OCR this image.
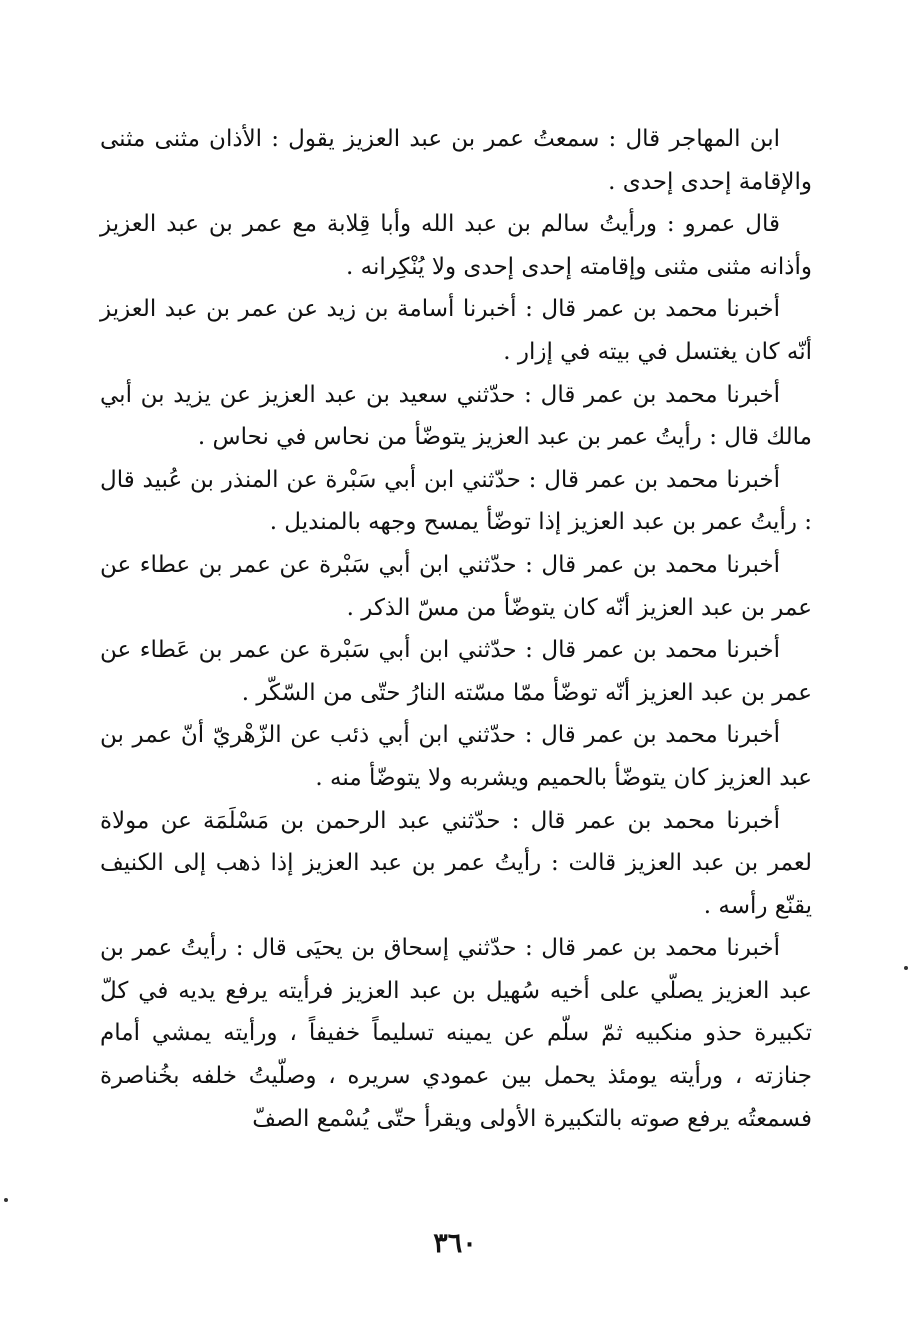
ابن المهاجر قال : سمعتُ عمر بن عبد العزيز يقول : الأذان مثنى مثنى والإقامة إحدى إحدى .

قال عمرو : ورأيتُ سالم بن عبد الله وأبا قِلابة مع عمر بن عبد العزيز وأذانه مثنى مثنى وإقامته إحدى إحدى ولا يُنْكِرانه .

أخبرنا محمد بن عمر قال : أخبرنا أسامة بن زيد عن عمر بن عبد العزيز أنّه كان يغتسل في بيته في إزار .

أخبرنا محمد بن عمر قال : حدّثني سعيد بن عبد العزيز عن يزيد بن أبي مالك قال : رأيتُ عمر بن عبد العزيز يتوضّأ من نحاس في نحاس .

أخبرنا محمد بن عمر قال : حدّثني ابن أبي سَبْرة عن المنذر بن عُبيد قال : رأيتُ عمر بن عبد العزيز إذا توضّأ يمسح وجهه بالمنديل .

أخبرنا محمد بن عمر قال : حدّثني ابن أبي سَبْرة عن عمر بن عطاء عن عمر بن عبد العزيز أنّه كان يتوضّأ من مسّ الذكر .

أخبرنا محمد بن عمر قال : حدّثني ابن أبي سَبْرة عن عمر بن عَطاء عن عمر بن عبد العزيز أنّه توضّأ ممّا مسّته النارُ حتّى من السّكّر .

أخبرنا محمد بن عمر قال : حدّثني ابن أبي ذئب عن الزّهْريّ أنّ عمر بن عبد العزيز كان يتوضّأ بالحميم ويشربه ولا يتوضّأ منه .

أخبرنا محمد بن عمر قال : حدّثني عبد الرحمن بن مَسْلَمَة عن مولاة لعمر بن عبد العزيز قالت : رأيتُ عمر بن عبد العزيز إذا ذهب إلى الكنيف يقنّع رأسه .

أخبرنا محمد بن عمر قال : حدّثني إسحاق بن يحيَى قال : رأيتُ عمر بن عبد العزيز يصلّي على أخيه سُهيل بن عبد العزيز فرأيته يرفع يديه في كلّ تكبيرة حذو منكبيه ثمّ سلّم عن يمينه تسليماً خفيفاً ، ورأيته يمشي أمام جنازته ، ورأيته يومئذ يحمل بين عمودي سريره ، وصلّيتُ خلفه بخُناصرة فسمعتُه يرفع صوته بالتكبيرة الأولى ويقرأ حتّى يُسْمع الصفّ

٣٦٠
